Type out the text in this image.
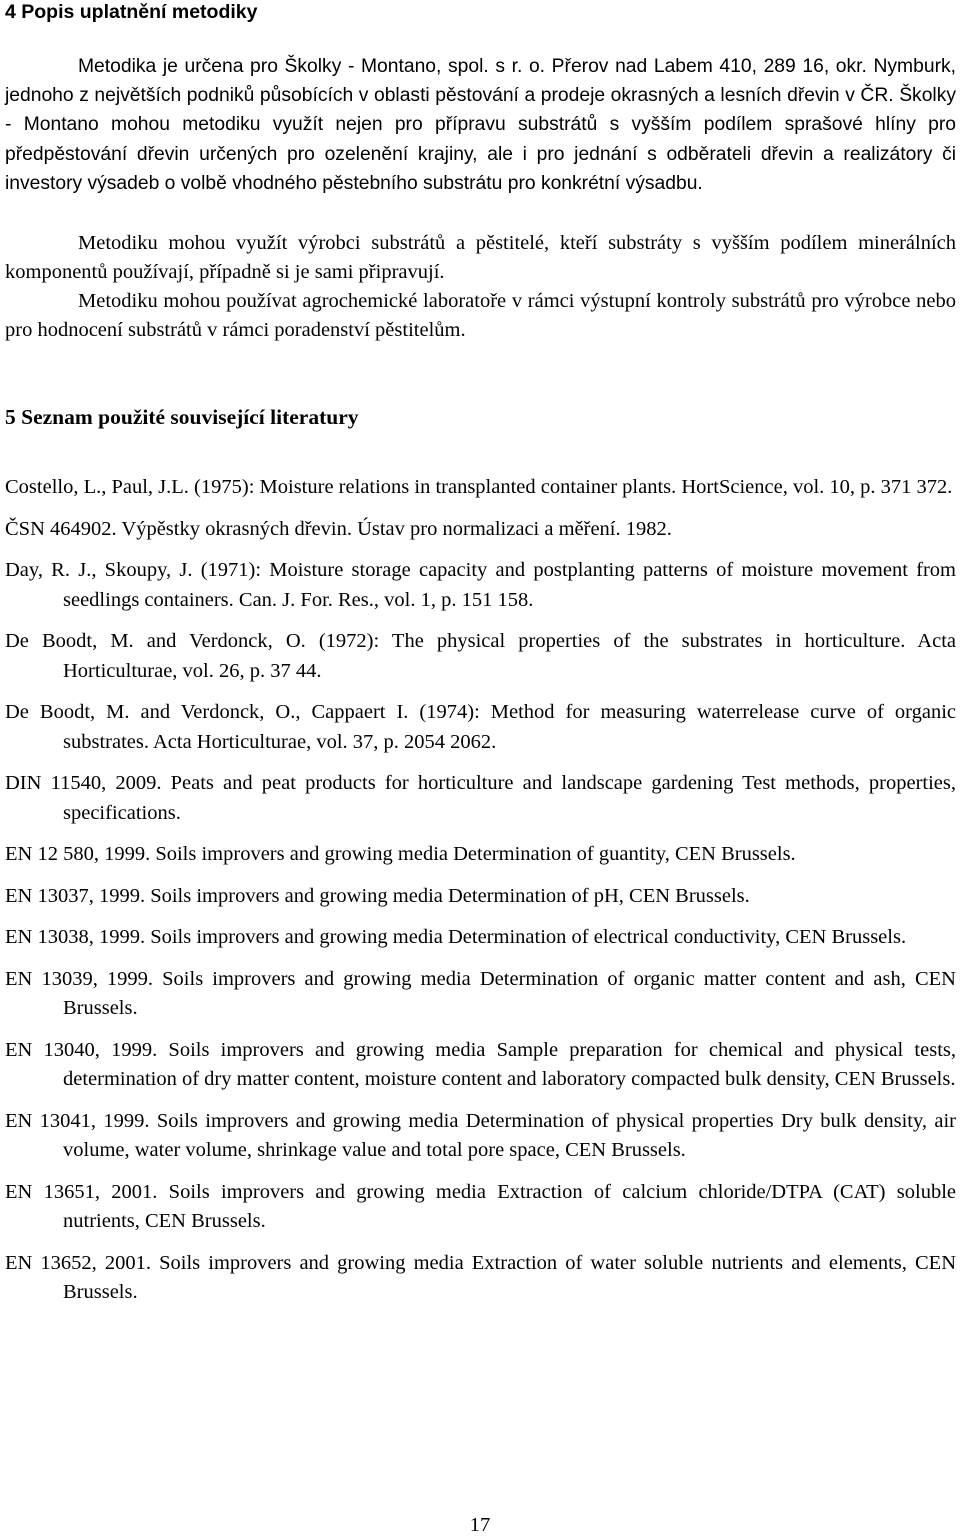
4 Popis uplatnění metodiky

Metodika je určena pro Školky - Montano, spol. s r. o. Přerov nad Labem 410, 289 16, okr. Nymburk, jednoho z největších podniků působících v oblasti pěstování a prodeje okrasných a lesních dřevin v ČR. Školky - Montano mohou metodiku využít nejen pro přípravu substrátů s vyšším podílem sprašové hlíny pro předpěstování dřevin určených pro ozelenění krajiny, ale i pro jednání s odběrateli dřevin a realizátory či investory výsadeb o volbě vhodného pěstebního substrátu pro konkrétní výsadbu.

Metodiku mohou využít výrobci substrátů a pěstitelé, kteří substráty s vyšším podílem minerálních komponentů používají, případně si je sami připravují.

Metodiku mohou používat agrochemické laboratoře v rámci výstupní kontroly substrátů pro výrobce nebo pro hodnocení substrátů v rámci poradenství pěstitelům.

5 Seznam použité související literatury
Costello, L., Paul, J.L. (1975): Moisture relations in transplanted container plants. HortScience, vol. 10, p. 371 372.
ČSN 464902. Výpěstky okrasných dřevin. Ústav pro normalizaci a měření. 1982.
Day, R. J., Skoupy, J. (1971): Moisture storage capacity and postplanting patterns of moisture movement from seedlings containers. Can. J. For. Res., vol. 1, p. 151 158.
De Boodt, M. and Verdonck, O. (1972): The physical properties of the substrates in horticulture. Acta Horticulturae, vol. 26, p. 37 44.
De Boodt, M. and Verdonck, O., Cappaert I. (1974): Method for measuring waterrelease curve of organic substrates. Acta Horticulturae, vol. 37, p. 2054 2062.
DIN 11540, 2009. Peats and peat products for horticulture and landscape gardening Test methods, properties, specifications.
EN 12 580, 1999. Soils improvers and growing media Determination of guantity, CEN Brussels.
EN 13037, 1999. Soils improvers and growing media Determination of pH, CEN Brussels.
EN 13038, 1999. Soils improvers and growing media Determination of electrical conductivity, CEN Brussels.
EN 13039, 1999. Soils improvers and growing media Determination of organic matter content and ash, CEN Brussels.
EN 13040, 1999. Soils improvers and growing media Sample preparation for chemical and physical tests, determination of dry matter content, moisture content and laboratory compacted bulk density, CEN Brussels.
EN 13041, 1999. Soils improvers and growing media Determination of physical properties Dry bulk density, air volume, water volume, shrinkage value and total pore space, CEN Brussels.
EN 13651, 2001. Soils improvers and growing media Extraction of calcium chloride/DTPA (CAT) soluble nutrients, CEN Brussels.
EN 13652, 2001. Soils improvers and growing media Extraction of water soluble nutrients and elements, CEN Brussels.

17
